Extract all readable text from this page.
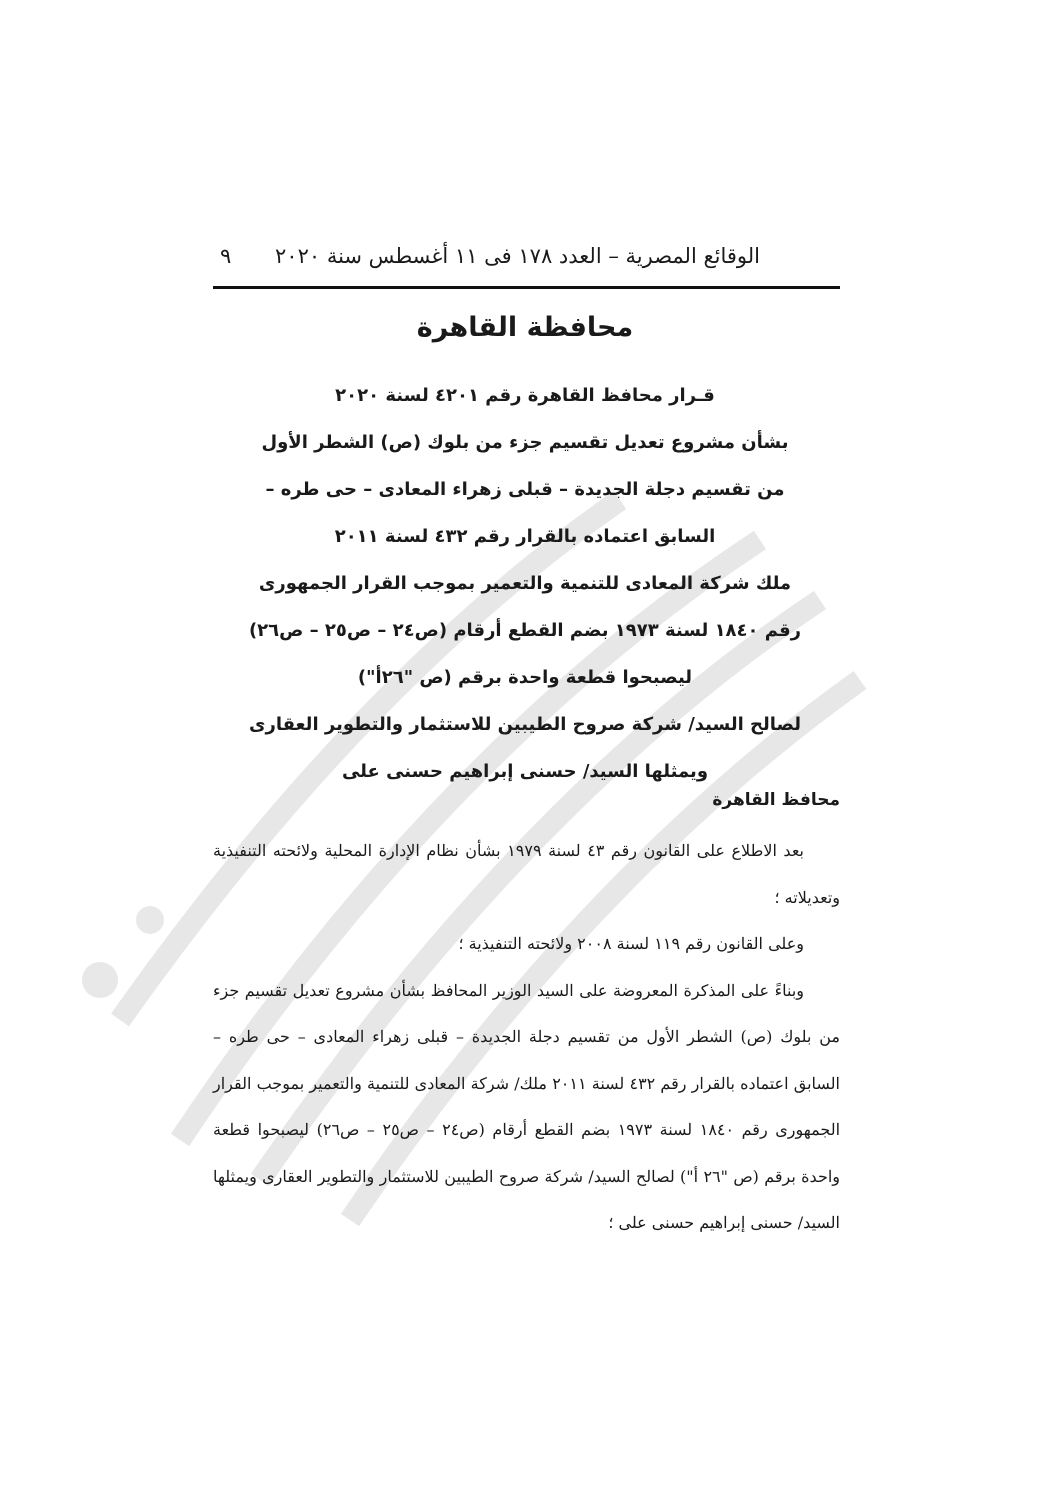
الوقائع المصرية – العدد ١٧٨ فى ١١ أغسطس سنة ٢٠٢٠
٩
محافظة القاهرة
قـرار محافظ القاهرة رقم ٤٢٠١ لسنة ٢٠٢٠
بشأن مشروع تعديل تقسيم جزء من بلوك (ص) الشطر الأول
من تقسيم دجلة الجديدة – قبلى زهراء المعادى – حى طره –
السابق اعتماده بالقرار رقم ٤٣٢ لسنة ٢٠١١
ملك شركة المعادى للتنمية والتعمير بموجب القرار الجمهورى
رقم ١٨٤٠ لسنة ١٩٧٣ بضم القطع أرقام (ص٢٤ – ص٢٥ – ص٢٦)
ليصبحوا قطعة واحدة برقم (ص "٢٦أ")
لصالح السيد/ شركة صروح الطيبين للاستثمار والتطوير العقارى
ويمثلها السيد/ حسنى إبراهيم حسنى على
محافظ القاهرة

بعد الاطلاع على القانون رقم ٤٣ لسنة ١٩٧٩ بشأن نظام الإدارة المحلية ولائحته التنفيذية وتعديلاته ؛

وعلى القانون رقم ١١٩ لسنة ٢٠٠٨ ولائحته التنفيذية ؛

وبناءً على المذكرة المعروضة على السيد الوزير المحافظ بشأن مشروع تعديل تقسيم جزء من بلوك (ص) الشطر الأول من تقسيم دجلة الجديدة – قبلى زهراء المعادى – حى طره – السابق اعتماده بالقرار رقم ٤٣٢ لسنة ٢٠١١ ملك/ شركة المعادى للتنمية والتعمير بموجب القرار الجمهورى رقم ١٨٤٠ لسنة ١٩٧٣ بضم القطع أرقام (ص٢٤ – ص٢٥ – ص٢٦) ليصبحوا قطعة واحدة برقم (ص "٢٦ أ") لصالح السيد/ شركة صروح الطيبين للاستثمار والتطوير العقارى ويمثلها السيد/ حسنى إبراهيم حسنى على ؛
